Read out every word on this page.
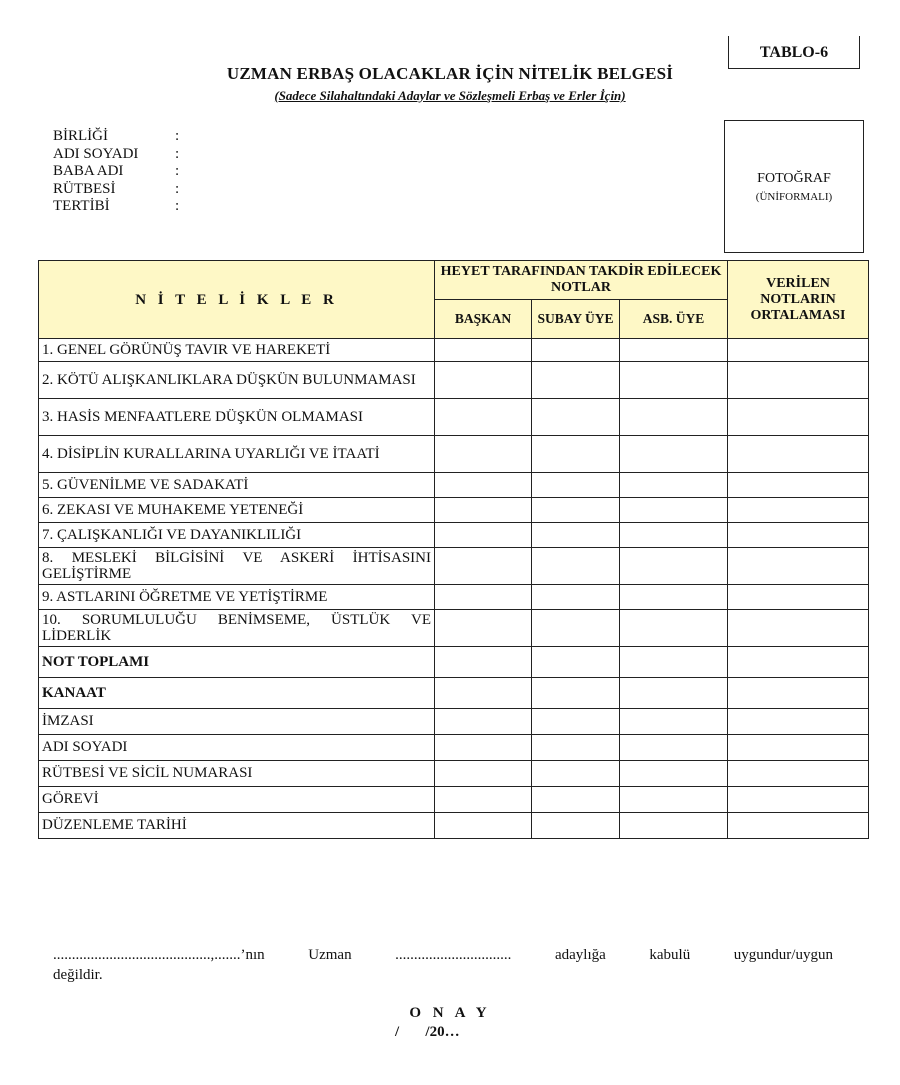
TABLO-6
UZMAN ERBAŞ OLACAKLAR İÇİN NİTELİK BELGESİ
(Sadece Silahaltındaki Adaylar ve Sözleşmeli Erbaş ve Erler İçin)
BİRLİĞİ	:
ADI SOYADI	:
BABA ADI	:
RÜTBESİ	:
TERTİBİ	:
FOTOĞRAF
(ÜNİFORMALI)
N İ T E L İ K L E R	HEYET TARAFINDAN TAKDİR EDİLECEK NOTLAR			VERİLEN NOTLARIN ORTALAMASI
	BAŞKAN	SUBAY ÜYE	ASB. ÜYE	
1. GENEL GÖRÜNÜŞ TAVIR VE HAREKETİ				
2. KÖTÜ ALIŞKANLIKLARA DÜŞKÜN BULUNMAMASI				
3. HASİS MENFAATLERE DÜŞKÜN OLMAMASI				
4. DİSİPLİN KURALLARINA UYARLIĞI VE İTAATİ				
5. GÜVENİLME VE SADAKATİ				
6. ZEKASI VE MUHAKEME YETENEĞİ				
7. ÇALIŞKANLIĞI VE DAYANIKLILIĞI				
8. MESLEKİ BİLGİSİNİ VE ASKERİ İHTİSASINI GELİŞTİRME				
9. ASTLARINI ÖĞRETME VE YETİŞTİRME				
10. SORUMLULUĞU BENİMSEME, ÜSTLÜK VE LİDERLİK				
NOT TOPLAMI				
KANAAT				
İMZASI				
ADI SOYADI				
RÜTBESİ VE SİCİL NUMARASI				
GÖREVİ				
DÜZENLEME TARİHİ				
..........................................,.......’nın	Uzman	...............................	adaylığa	kabulü	uygundur/uygun
değildir.
O N A Y
/       /20…
